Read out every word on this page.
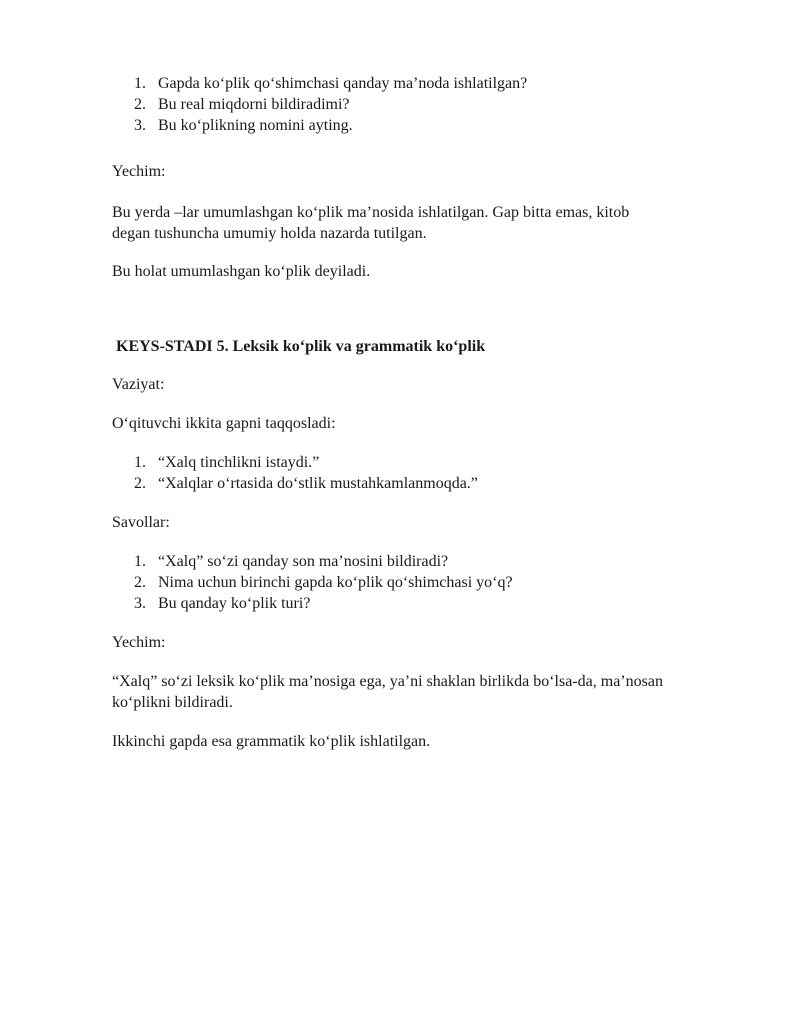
1. Gapda ko‘plik qo‘shimchasi qanday ma’noda ishlatilgan?
2. Bu real miqdorni bildiradimi?
3. Bu ko‘plikning nomini ayting.

Yechim:

Bu yerda –lar umumlashgan ko‘plik ma’nosida ishlatilgan. Gap bitta emas, kitob
degan tushuncha umumiy holda nazarda tutilgan.

Bu holat umumlashgan ko‘plik deyiladi.

KEYS-STADI 5. Leksik ko‘plik va grammatik ko‘plik

Vaziyat:

O‘qituvchi ikkita gapni taqqosladi:

1. “Xalq tinchlikni istaydi.”
2. “Xalqlar o‘rtasida do‘stlik mustahkamlanmoqda.”

Savollar:

1. “Xalq” so‘zi qanday son ma’nosini bildiradi?
2. Nima uchun birinchi gapda ko‘plik qo‘shimchasi yo‘q?
3. Bu qanday ko‘plik turi?

Yechim:

“Xalq” so‘zi leksik ko‘plik ma’nosiga ega, ya’ni shaklan birlikda bo‘lsa-da, ma’nosan
ko‘plikni bildiradi.

Ikkinchi gapda esa grammatik ko‘plik ishlatilgan.
